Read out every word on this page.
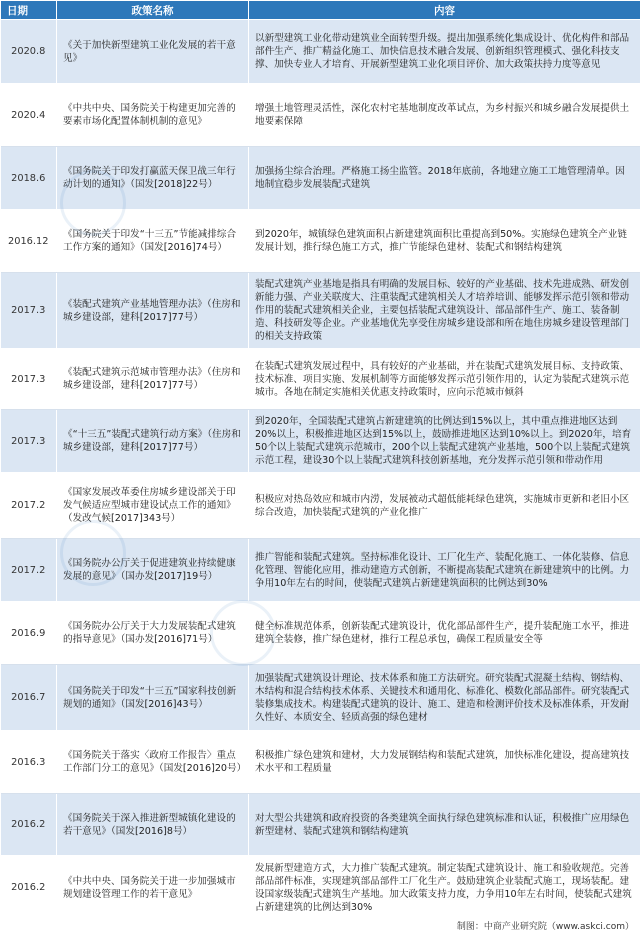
日期	政策名称	内容
2020.8	《关于加快新型建筑工业化发展的若干意见》	以新型建筑工业化带动建筑业全面转型升级。提出加强系统化集成设计、优化构件和部品部件生产、推广精益化施工、加快信息技术融合发展、创新组织管理模式、强化科技支撑、加快专业人才培育、开展新型建筑工业化项目评价、加大政策扶持力度等意见
2020.4	《中共中央、国务院关于构建更加完善的要素市场化配置体制机制的意见》	增强土地管理灵活性，深化农村宅基地制度改革试点，为乡村振兴和城乡融合发展提供土地要素保障
2018.6	《国务院关于印发打赢蓝天保卫战三年行动计划的通知》（国发[2018]22号）	加强扬尘综合治理。严格施工扬尘监管。2018年底前，各地建立施工工地管理清单。因地制宜稳步发展装配式建筑
2016.12	《国务院关于印发“十三五”节能减排综合工作方案的通知》（国发[2016]74号）	到2020年，城镇绿色建筑面积占新建建筑面积比重提高到50%。实施绿色建筑全产业链发展计划，推行绿色施工方式，推广节能绿色建材、装配式和钢结构建筑
2017.3	《装配式建筑产业基地管理办法》（住房和城乡建设部，建科[2017]77号）	装配式建筑产业基地是指具有明确的发展目标、较好的产业基础、技术先进成熟、研发创新能力强、产业关联度大、注重装配式建筑相关人才培养培训、能够发挥示范引领和带动作用的装配式建筑相关企业，主要包括装配式建筑设计、部品部件生产、施工、装备制造、科技研发等企业。产业基地优先享受住房城乡建设部和所在地住房城乡建设管理部门的相关支持政策
2017.3	《装配式建筑示范城市管理办法》（住房和城乡建设部，建科[2017]77号）	在装配式建筑发展过程中，具有较好的产业基础，并在装配式建筑发展目标、支持政策、技术标准、项目实施、发展机制等方面能够发挥示范引领作用的，认定为装配式建筑示范城市。各地在制定实施相关优惠支持政策时，应向示范城市倾斜
2017.3	《“十三五”装配式建筑行动方案》（住房和城乡建设部，建科[2017]77号）	到2020年，全国装配式建筑占新建建筑的比例达到15%以上，其中重点推进地区达到20%以上，积极推进地区达到15%以上，鼓励推进地区达到10%以上。到2020年，培育50个以上装配式建筑示范城市，200个以上装配式建筑产业基地，500个以上装配式建筑示范工程，建设30个以上装配式建筑科技创新基地，充分发挥示范引领和带动作用
2017.2	《国家发展改革委住房城乡建设部关于印发气候适应型城市建设试点工作的通知》（发改气候[2017]343号）	积极应对热岛效应和城市内涝，发展被动式超低能耗绿色建筑，实施城市更新和老旧小区综合改造，加快装配式建筑的产业化推广
2017.2	《国务院办公厅关于促进建筑业持续健康发展的意见》（国办发[2017]19号）	推广智能和装配式建筑。坚持标准化设计、工厂化生产、装配化施工、一体化装修、信息化管理、智能化应用，推动建造方式创新，不断提高装配式建筑在新建建筑中的比例。力争用10年左右的时间，使装配式建筑占新建建筑面积的比例达到30%
2016.9	《国务院办公厅关于大力发展装配式建筑的指导意见》（国办发[2016]71号）	健全标准规范体系，创新装配式建筑设计，优化部品部件生产，提升装配施工水平，推进建筑全装修，推广绿色建材，推行工程总承包，确保工程质量安全等
2016.7	《国务院关于印发“十三五”国家科技创新规划的通知》（国发[2016]43号）	加强装配式建筑设计理论、技术体系和施工方法研究。研究装配式混凝土结构、钢结构、木结构和混合结构技术体系、关键技术和通用化、标准化、模数化部品部件。研究装配式装修集成技术。构建装配式建筑的设计、施工、建造和检测评价技术及标准体系，开发耐久性好、本质安全、轻质高强的绿色建材
2016.3	《国务院关于落实〈政府工作报告〉重点工作部门分工的意见》（国发[2016]20号）	积极推广绿色建筑和建材，大力发展钢结构和装配式建筑，加快标准化建设，提高建筑技术水平和工程质量
2016.2	《国务院关于深入推进新型城镇化建设的若干意见》（国发[2016]8号）	对大型公共建筑和政府投资的各类建筑全面执行绿色建筑标准和认证，积极推广应用绿色新型建材、装配式建筑和钢结构建筑
2016.2	《中共中央、国务院关于进一步加强城市规划建设管理工作的若干意见》	发展新型建造方式，大力推广装配式建筑。制定装配式建筑设计、施工和验收规范。完善部品部件标准，实现建筑部品部件工厂化生产。鼓励建筑企业装配式施工，现场装配。建设国家级装配式建筑生产基地。加大政策支持力度，力争用10年左右时间，使装配式建筑占新建建筑的比例达到30%
制图：中商产业研究院（www.askci.com）
